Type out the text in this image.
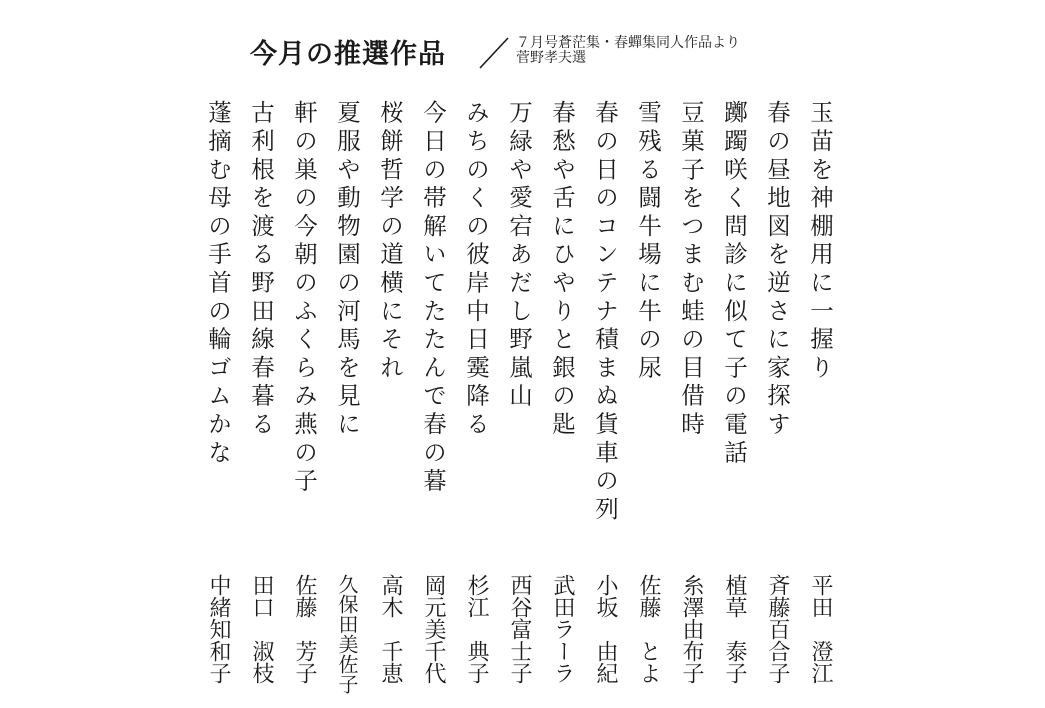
今月の推選作品	７月号蒼茫集・春蟬集同人作品より
菅野孝夫選
玉苗を神棚用に一握り
平田　澄江
春の昼地図を逆さに家探す
斉藤百合子
躑躅咲く問診に似て子の電話
植草　泰子
豆菓子をつまむ蛙の目借時
糸澤由布子
雪残る闘牛場に牛の尿
佐藤　とよ
春の日のコンテナ積まぬ貨車の列
小坂　由紀
春愁や舌にひやりと銀の匙
武田ラーラ
万緑や愛宕あだし野嵐山
西谷富士子
みちのくの彼岸中日霙降る
杉江　典子
今日の帯解いてたたんで春の暮
岡元美千代
桜餅哲学の道横にそれ
高木　千恵
夏服や動物園の河馬を見に
久保田美佐子
軒の巣の今朝のふくらみ燕の子
佐藤　芳子
古利根を渡る野田線春暮る
田口　淑枝
蓬摘む母の手首の輪ゴムかな
中緒知和子
